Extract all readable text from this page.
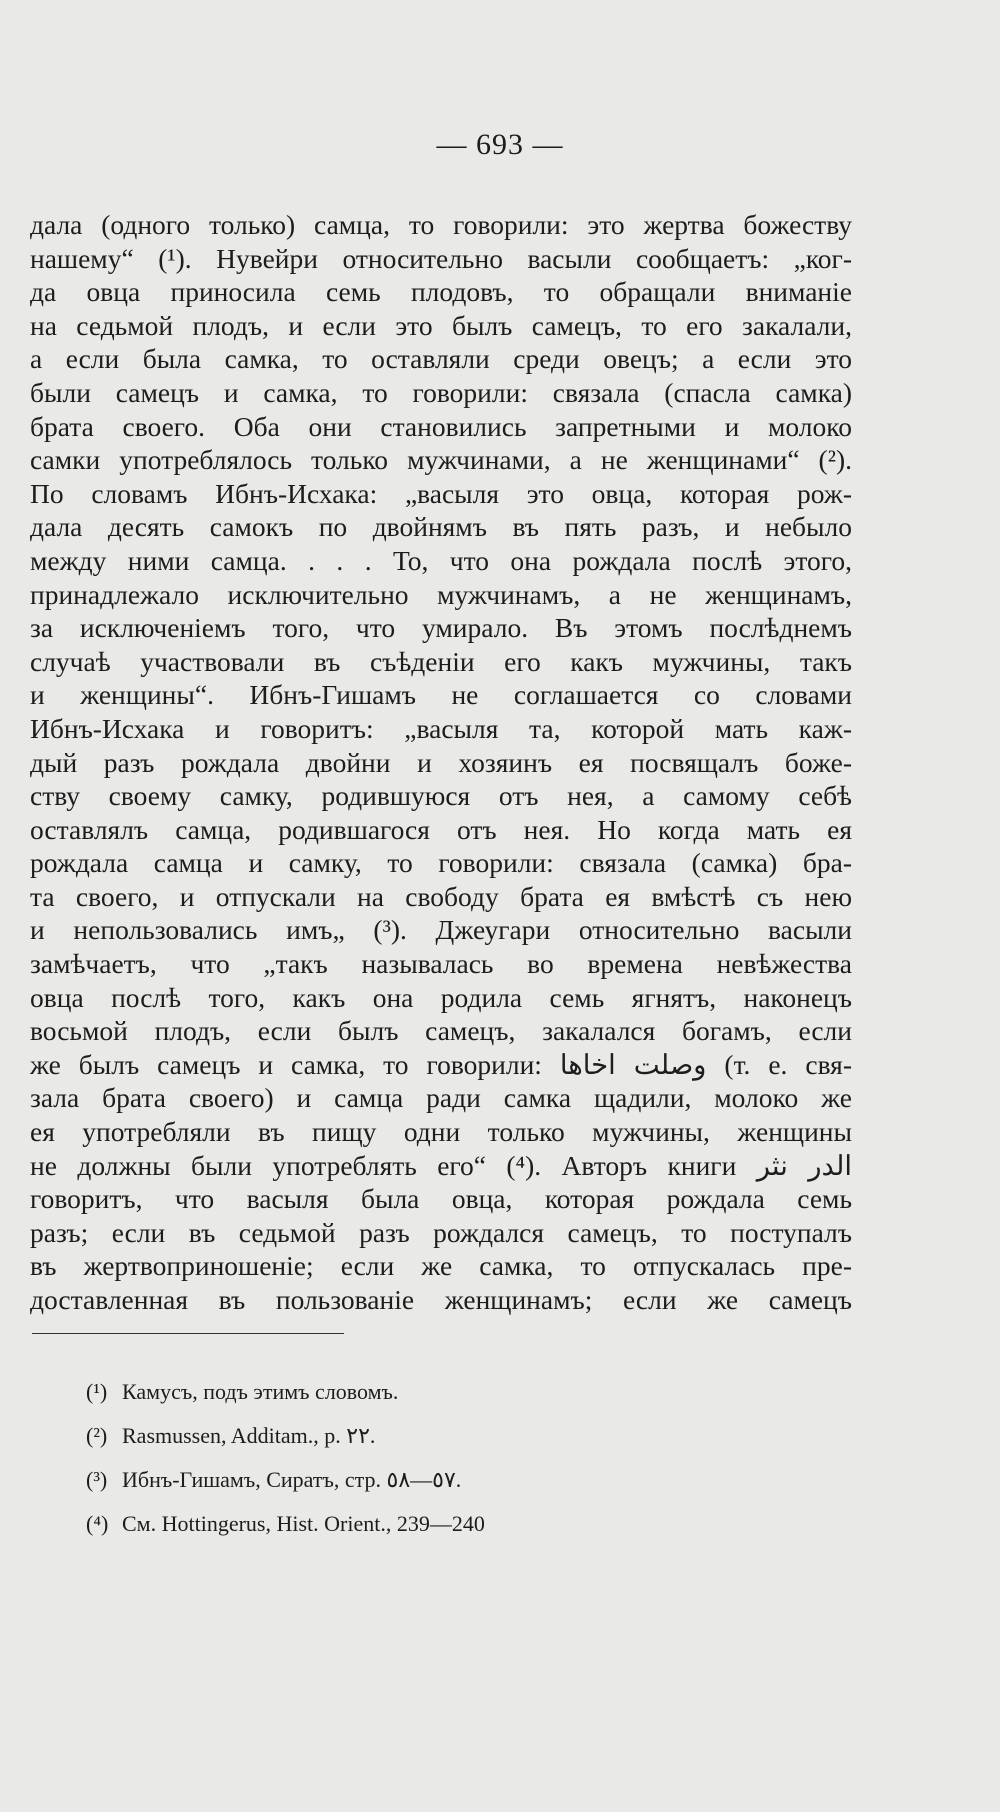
— 693 —
дала (одного только) самца, то говорили: это жертва божеству
нашему“ (¹). Нувейри относительно васыли сообщаетъ: „ког-
да овца приносила семь плодовъ, то обращали вниманіе
на седьмой плодъ, и если это былъ самецъ, то его закалали,
а если была самка, то оставляли среди овецъ; а если это
были самецъ и самка, то говорили: связала (спасла самка)
брата своего. Оба они становились запретными и молоко
самки употреблялось только мужчинами, а не женщинами“ (²).
По словамъ Ибнъ-Исхака: „васыля это овца, которая рож-
дала десять самокъ по двойнямъ въ пять разъ, и небыло
между ними самца. . . . То, что она рождала послѣ этого,
принадлежало исключительно мужчинамъ, а не женщинамъ,
за исключеніемъ того, что умирало. Въ этомъ послѣднемъ
случаѣ участвовали въ съѣденіи его какъ мужчины, такъ
и женщины“. Ибнъ-Гишамъ не соглашается со словами
Ибнъ-Исхака и говоритъ: „васыля та, которой мать каж-
дый разъ рождала двойни и хозяинъ ея посвящалъ боже-
ству своему самку, родившуюся отъ нея, а самому себѣ
оставлялъ самца, родившагося отъ нея. Но когда мать ея
рождала самца и самку, то говорили: связала (самка) бра-
та своего, и отпускали на свободу брата ея вмѣстѣ съ нею
и непользовались имъ„ (³). Джеугари относительно васыли
замѣчаетъ, что „такъ называлась во времена невѣжества
овца послѣ того, какъ она родила семь ягнятъ, наконецъ
восьмой плодъ, если былъ самецъ, закалался богамъ, если
же былъ самецъ и самка, то говорили: وصلت اخاها (т. е. свя-
зала брата своего) и самца ради самка щадили, молоко же
ея употребляли въ пищу одни только мужчины, женщины
не должны были употреблять его“ (⁴). Авторъ книги الدر نثر
говоритъ, что васыля была овца, которая рождала семь
разъ; если въ седьмой разъ рождался самецъ, то поступалъ
въ жертвоприношеніе; если же самка, то отпускалась пре-
доставленная въ пользованіе женщинамъ; если же самецъ
(¹) Камусъ, подъ этимъ словомъ.
(²) Rasmussen, Additam., p. ٢٢.
(³) Ибнъ-Гишамъ, Сиратъ, стр. ٥٧—٥٨.
(⁴) См. Hottingerus, Hist. Orient., 239—240
